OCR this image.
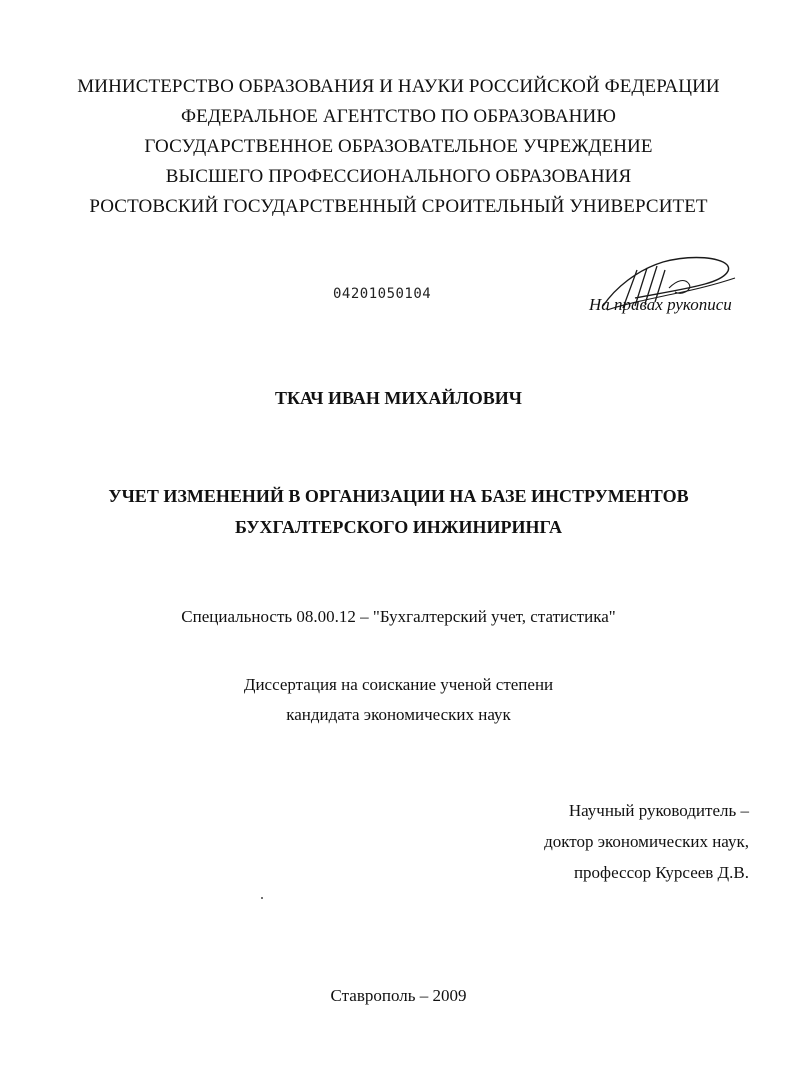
МИНИСТЕРСТВО ОБРАЗОВАНИЯ И НАУКИ РОССИЙСКОЙ ФЕДЕРАЦИИ
ФЕДЕРАЛЬНОЕ АГЕНТСТВО ПО ОБРАЗОВАНИЮ
ГОСУДАРСТВЕННОЕ ОБРАЗОВАТЕЛЬНОЕ УЧРЕЖДЕНИЕ
ВЫСШЕГО ПРОФЕССИОНАЛЬНОГО ОБРАЗОВАНИЯ
РОСТОВСКИЙ ГОСУДАРСТВЕННЫЙ СРОИТЕЛЬНЫЙ УНИВЕРСИТЕТ
04201050104
На правах рукописи
ТКАЧ ИВАН МИХАЙЛОВИЧ
УЧЕТ ИЗМЕНЕНИЙ В ОРГАНИЗАЦИИ НА БАЗЕ ИНСТРУМЕНТОВ
БУХГАЛТЕРСКОГО ИНЖИНИРИНГА
Специальность 08.00.12 – "Бухгалтерский учет, статистика"
Диссертация на соискание ученой степени
кандидата экономических наук
Научный руководитель –
доктор экономических наук,
профессор Курсеев Д.В.
Ставрополь – 2009
